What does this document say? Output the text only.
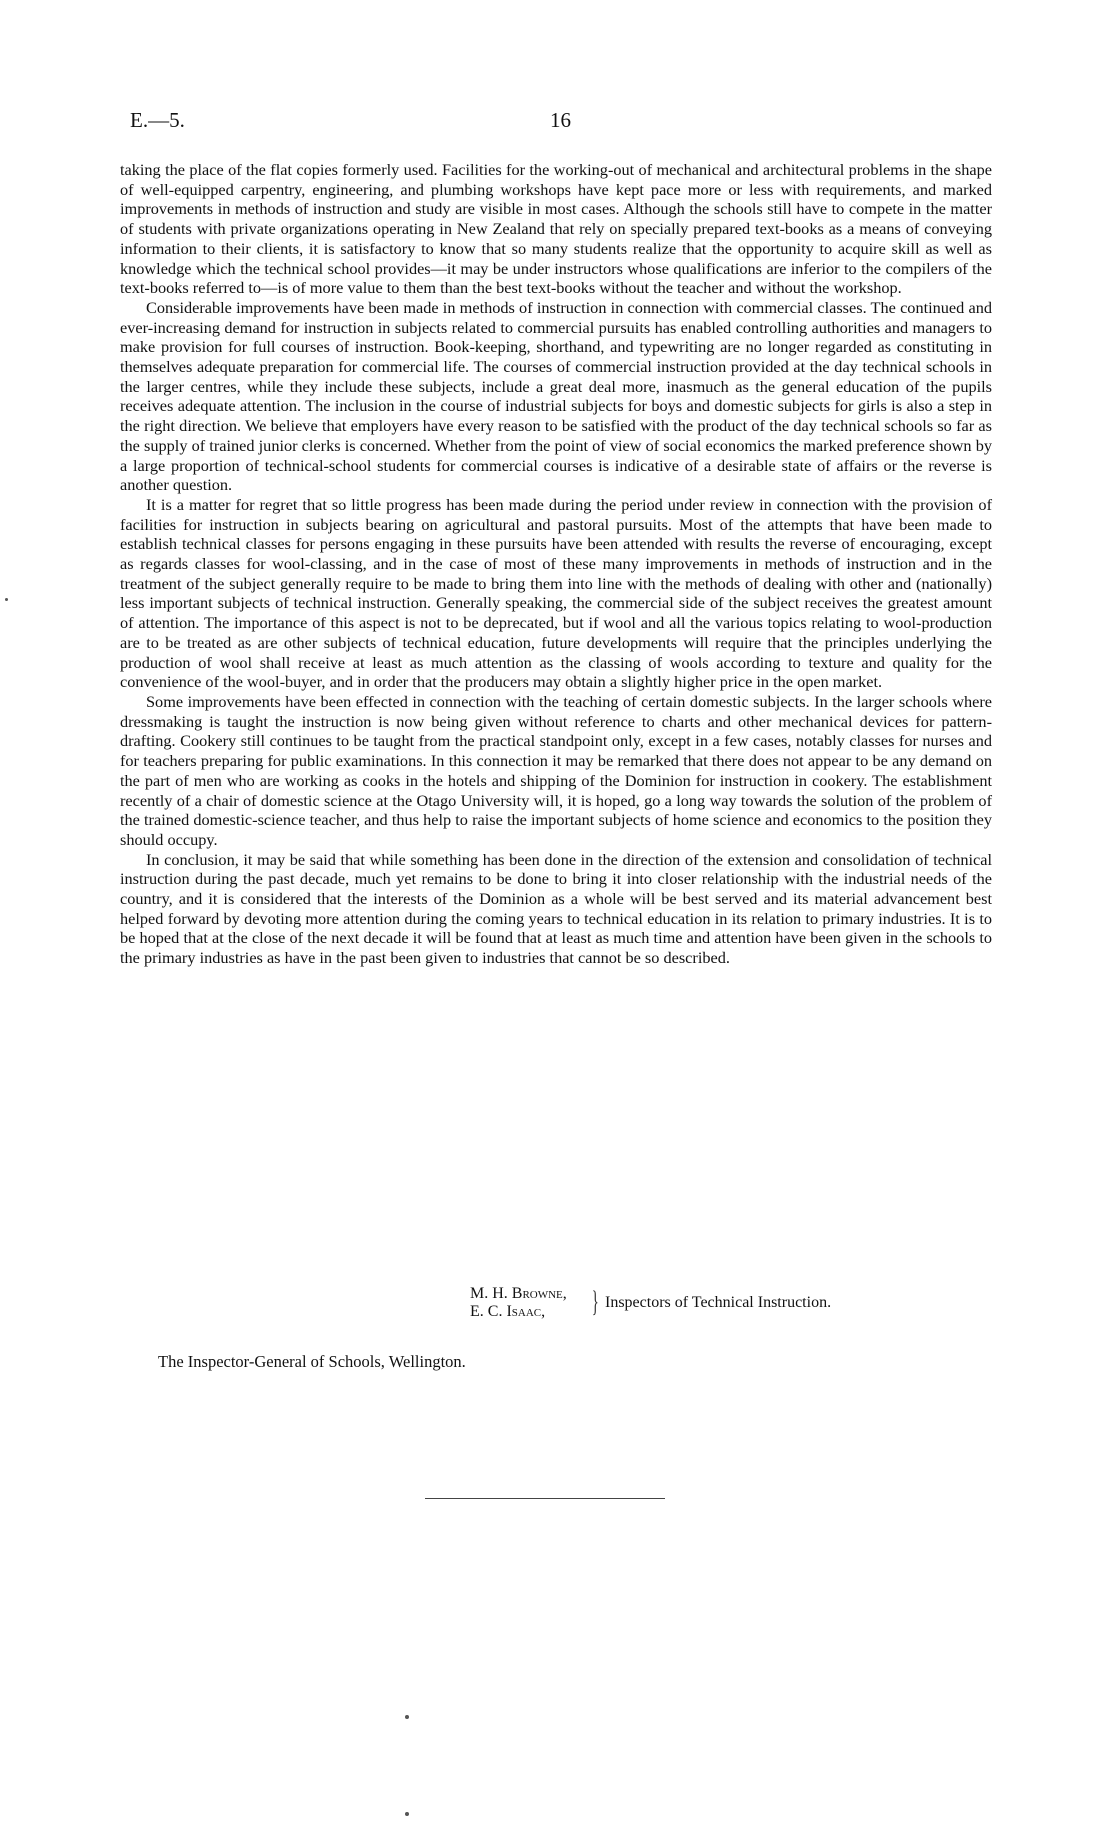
E.—5.	16

taking the place of the flat copies formerly used. Facilities for the working-out of mechanical and architectural problems in the shape of well-equipped carpentry, engineering, and plumbing workshops have kept pace more or less with requirements, and marked improvements in methods of instruction and study are visible in most cases. Although the schools still have to compete in the matter of students with private organizations operating in New Zealand that rely on specially prepared text-books as a means of conveying information to their clients, it is satisfactory to know that so many students realize that the opportunity to acquire skill as well as knowledge which the technical school provides—it may be under instructors whose qualifications are inferior to the compilers of the text-books referred to—is of more value to them than the best text-books without the teacher and without the workshop.

Considerable improvements have been made in methods of instruction in connection with commercial classes. The continued and ever-increasing demand for instruction in subjects related to commercial pursuits has enabled controlling authorities and managers to make provision for full courses of instruction. Book-keeping, shorthand, and typewriting are no longer regarded as constituting in themselves adequate preparation for commercial life. The courses of commercial instruction provided at the day technical schools in the larger centres, while they include these subjects, include a great deal more, inasmuch as the general education of the pupils receives adequate attention. The inclusion in the course of industrial subjects for boys and domestic subjects for girls is also a step in the right direction. We believe that employers have every reason to be satisfied with the product of the day technical schools so far as the supply of trained junior clerks is concerned. Whether from the point of view of social economics the marked preference shown by a large proportion of technical-school students for commercial courses is indicative of a desirable state of affairs or the reverse is another question.

It is a matter for regret that so little progress has been made during the period under review in connection with the provision of facilities for instruction in subjects bearing on agricultural and pastoral pursuits. Most of the attempts that have been made to establish technical classes for persons engaging in these pursuits have been attended with results the reverse of encouraging, except as regards classes for wool-classing, and in the case of most of these many improvements in methods of instruction and in the treatment of the subject generally require to be made to bring them into line with the methods of dealing with other and (nationally) less important subjects of technical instruction. Generally speaking, the commercial side of the subject receives the greatest amount of attention. The importance of this aspect is not to be deprecated, but if wool and all the various topics relating to wool-production are to be treated as are other subjects of technical education, future developments will require that the principles underlying the production of wool shall receive at least as much attention as the classing of wools according to texture and quality for the convenience of the wool-buyer, and in order that the producers may obtain a slightly higher price in the open market.

Some improvements have been effected in connection with the teaching of certain domestic subjects. In the larger schools where dressmaking is taught the instruction is now being given without reference to charts and other mechanical devices for pattern-drafting. Cookery still continues to be taught from the practical standpoint only, except in a few cases, notably classes for nurses and for teachers preparing for public examinations. In this connection it may be remarked that there does not appear to be any demand on the part of men who are working as cooks in the hotels and shipping of the Dominion for instruction in cookery. The establishment recently of a chair of domestic science at the Otago University will, it is hoped, go a long way towards the solution of the problem of the trained domestic-science teacher, and thus help to raise the important subjects of home science and economics to the position they should occupy.

In conclusion, it may be said that while something has been done in the direction of the extension and consolidation of technical instruction during the past decade, much yet remains to be done to bring it into closer relationship with the industrial needs of the country, and it is considered that the interests of the Dominion as a whole will be best served and its material advancement best helped forward by devoting more attention during the coming years to technical education in its relation to primary industries. It is to be hoped that at the close of the next decade it will be found that at least as much time and attention have been given in the schools to the primary industries as have in the past been given to industries that cannot be so described.

M. H. Browne,
E. C. Isaac,	} Inspectors of Technical Instruction.
The Inspector-General of Schools, Wellington.
